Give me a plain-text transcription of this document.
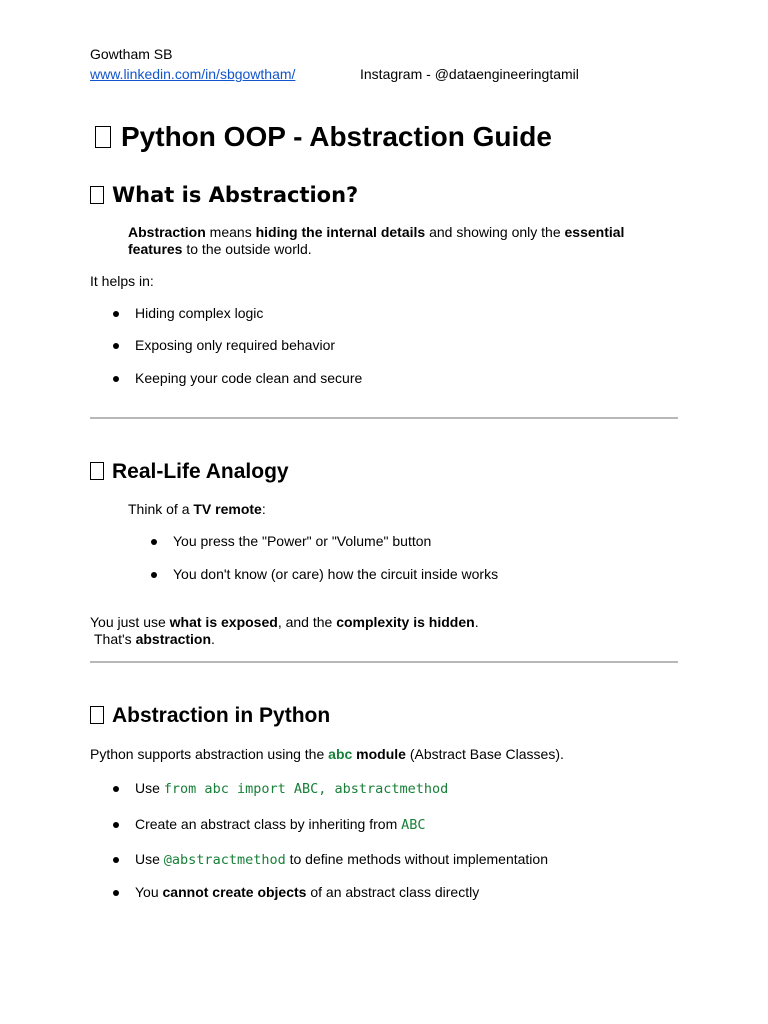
Gowtham SB
www.linkedin.com/in/sbgowtham/	Instagram - @dataengineeringtamil
Python OOP - Abstraction Guide
What is Abstraction?
Abstraction means hiding the internal details and showing only the essential features to the outside world.
It helps in:
Hiding complex logic
Exposing only required behavior
Keeping your code clean and secure
Real-Life Analogy
Think of a TV remote:
You press the "Power" or "Volume" button
You don't know (or care) how the circuit inside works
You just use what is exposed, and the complexity is hidden.
That's abstraction.
Abstraction in Python
Python supports abstraction using the abc module (Abstract Base Classes).
Use from abc import ABC, abstractmethod
Create an abstract class by inheriting from ABC
Use @abstractmethod to define methods without implementation
You cannot create objects of an abstract class directly
